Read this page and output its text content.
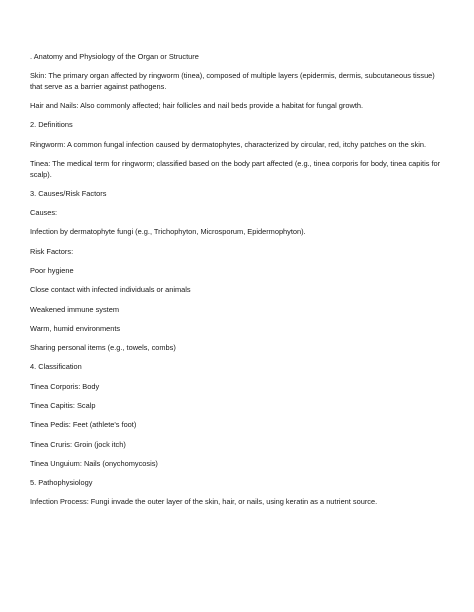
. Anatomy and Physiology of the Organ or Structure

Skin: The primary organ affected by ringworm (tinea), composed of multiple layers (epidermis, dermis, subcutaneous tissue) that serve as a barrier against pathogens.

Hair and Nails: Also commonly affected; hair follicles and nail beds provide a habitat for fungal growth.

2. Definitions

Ringworm: A common fungal infection caused by dermatophytes, characterized by circular, red, itchy patches on the skin.

Tinea: The medical term for ringworm; classified based on the body part affected (e.g., tinea corporis for body, tinea capitis for scalp).

3. Causes/Risk Factors

Causes:

Infection by dermatophyte fungi (e.g., Trichophyton, Microsporum, Epidermophyton).

Risk Factors:

Poor hygiene

Close contact with infected individuals or animals

Weakened immune system

Warm, humid environments

Sharing personal items (e.g., towels, combs)

4. Classification

Tinea Corporis: Body

Tinea Capitis: Scalp

Tinea Pedis: Feet (athlete's foot)

Tinea Cruris: Groin (jock itch)

Tinea Unguium: Nails (onychomycosis)

5. Pathophysiology

Infection Process: Fungi invade the outer layer of the skin, hair, or nails, using keratin as a nutrient source.
